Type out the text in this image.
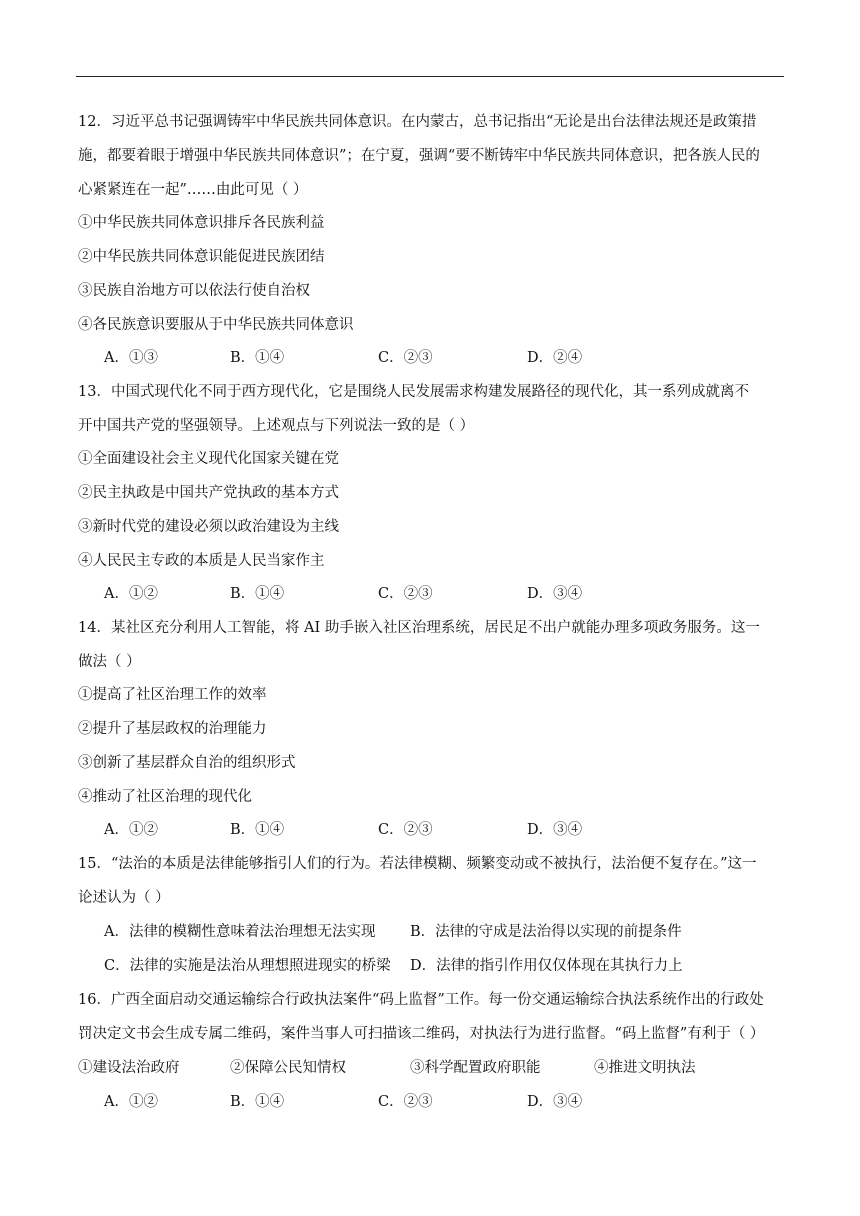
12．习近平总书记强调铸牢中华民族共同体意识。在内蒙古，总书记指出“无论是出台法律法规还是政策措
施，都要着眼于增强中华民族共同体意识”；在宁夏，强调“要不断铸牢中华民族共同体意识，把各族人民的
心紧紧连在一起”……由此可见（ ）
①中华民族共同体意识排斥各民族利益
②中华民族共同体意识能促进民族团结
③民族自治地方可以依法行使自治权
④各民族意识要服从于中华民族共同体意识
A．①③	B．①④	C．②③	D．②④
13．中国式现代化不同于西方现代化，它是围绕人民发展需求构建发展路径的现代化，其一系列成就离不
开中国共产党的坚强领导。上述观点与下列说法一致的是（ ）
①全面建设社会主义现代化国家关键在党
②民主执政是中国共产党执政的基本方式
③新时代党的建设必须以政治建设为主线
④人民民主专政的本质是人民当家作主
A．①②	B．①④	C．②③	D．③④
14．某社区充分利用人工智能，将 AI 助手嵌入社区治理系统，居民足不出户就能办理多项政务服务。这一
做法（ ）
①提高了社区治理工作的效率
②提升了基层政权的治理能力
③创新了基层群众自治的组织形式
④推动了社区治理的现代化
A．①②	B．①④	C．②③	D．③④
15．“法治的本质是法律能够指引人们的行为。若法律模糊、频繁变动或不被执行，法治便不复存在。”这一
论述认为（ ）
A．法律的模糊性意味着法治理想无法实现 B．法律的守成是法治得以实现的前提条件
C．法律的实施是法治从理想照进现实的桥梁 D．法律的指引作用仅仅体现在其执行力上
16．广西全面启动交通运输综合行政执法案件“码上监督”工作。每一份交通运输综合执法系统作出的行政处
罚决定文书会生成专属二维码，案件当事人可扫描该二维码，对执法行为进行监督。“码上监督”有利于（ ）
①建设法治政府	②保障公民知情权	③科学配置政府职能	④推进文明执法
A．①②	B．①④	C．②③	D．③④
